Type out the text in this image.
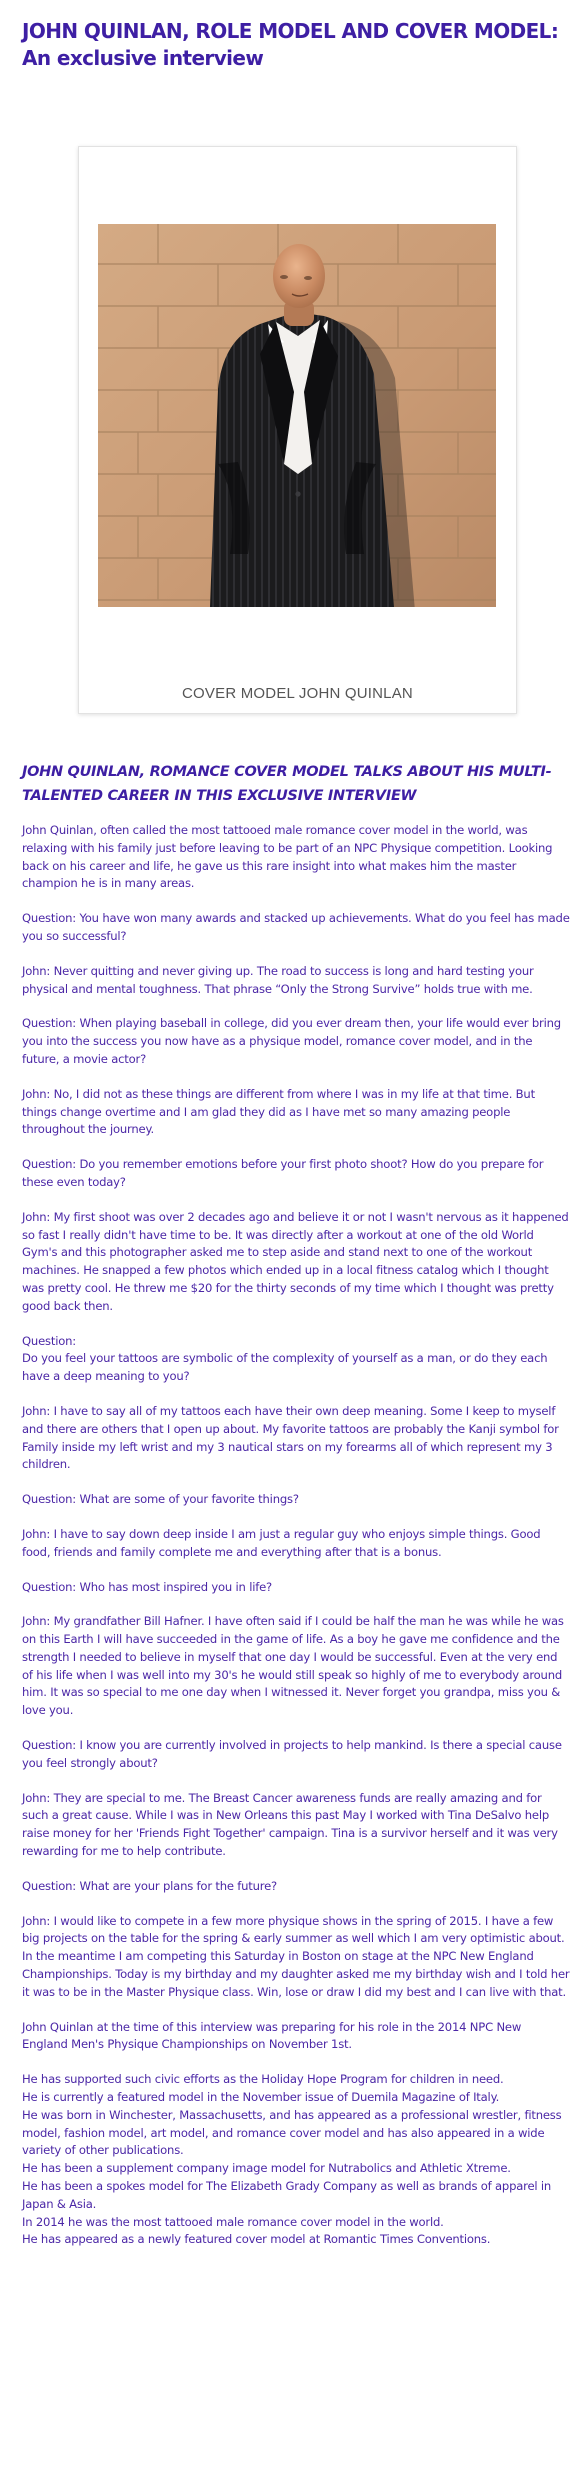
JOHN QUINLAN, ROLE MODEL AND COVER MODEL: An exclusive interview
COVER MODEL JOHN QUINLAN
JOHN QUINLAN, ROMANCE COVER MODEL TALKS ABOUT HIS MULTI-TALENTED CAREER IN THIS EXCLUSIVE INTERVIEW

John Quinlan, often called the most tattooed male romance cover model in the world, was relaxing with his family just before leaving to be part of an NPC Physique competition. Looking back on his career and life, he gave us this rare insight into what makes him the master champion he is in many areas.

Question: You have won many awards and stacked up achievements. What do you feel has made you so successful?

John: Never quitting and never giving up. The road to success is long and hard testing your physical and mental toughness. That phrase “Only the Strong Survive” holds true with me.

Question: When playing baseball in college, did you ever dream then, your life would ever bring you into the success you now have as a physique model, romance cover model, and in the future, a movie actor?

John: No, I did not as these things are different from where I was in my life at that time. But things change overtime and I am glad they did as I have met so many amazing people throughout the journey.

Question: Do you remember emotions before your first photo shoot? How do you prepare for these even today?

John: My first shoot was over 2 decades ago and believe it or not I wasn't nervous as it happened so fast I really didn't have time to be. It was directly after a workout at one of the old World Gym's and this photographer asked me to step aside and stand next to one of the workout machines. He snapped a few photos which ended up in a local fitness catalog which I thought was pretty cool. He threw me $20 for the thirty seconds of my time which I thought was pretty good back then.

Question:
Do you feel your tattoos are symbolic of the complexity of yourself as a man, or do they each have a deep meaning to you?

John: I have to say all of my tattoos each have their own deep meaning. Some I keep to myself and there are others that I open up about. My favorite tattoos are probably the Kanji symbol for Family inside my left wrist and my 3 nautical stars on my forearms all of which represent my 3 children.

Question: What are some of your favorite things?

John: I have to say down deep inside I am just a regular guy who enjoys simple things. Good food, friends and family complete me and everything after that is a bonus.

Question: Who has most inspired you in life?

John: My grandfather Bill Hafner. I have often said if I could be half the man he was while he was on this Earth I will have succeeded in the game of life. As a boy he gave me confidence and the strength I needed to believe in myself that one day I would be successful. Even at the very end of his life when I was well into my 30's he would still speak so highly of me to everybody around him. It was so special to me one day when I witnessed it. Never forget you grandpa, miss you & love you.

Question: I know you are currently involved in projects to help mankind. Is there a special cause you feel strongly about?

John: They are special to me. The Breast Cancer awareness funds are really amazing and for such a great cause. While I was in New Orleans this past May I worked with Tina DeSalvo help raise money for her 'Friends Fight Together' campaign. Tina is a survivor herself and it was very rewarding for me to help contribute.

Question: What are your plans for the future?

John: I would like to compete in a few more physique shows in the spring of 2015. I have a few big projects on the table for the spring & early summer as well which I am very optimistic about. In the meantime I am competing this Saturday in Boston on stage at the NPC New England Championships. Today is my birthday and my daughter asked me my birthday wish and I told her it was to be in the Master Physique class. Win, lose or draw I did my best and I can live with that.

John Quinlan at the time of this interview was preparing for his role in the 2014 NPC New England Men's Physique Championships on November 1st.

He has supported such civic efforts as the Holiday Hope Program for children in need.
He is currently a featured model in the November issue of Duemila Magazine of Italy.
He was born in Winchester, Massachusetts, and has appeared as a professional wrestler, fitness model, fashion model, art model, and romance cover model and has also appeared in a wide variety of other publications.
He has been a supplement company image model for Nutrabolics and Athletic Xtreme.
He has been a spokes model for The Elizabeth Grady Company as well as brands of apparel in Japan & Asia.
In 2014 he was the most tattooed male romance cover model in the world.
He has appeared as a newly featured cover model at Romantic Times Conventions.
